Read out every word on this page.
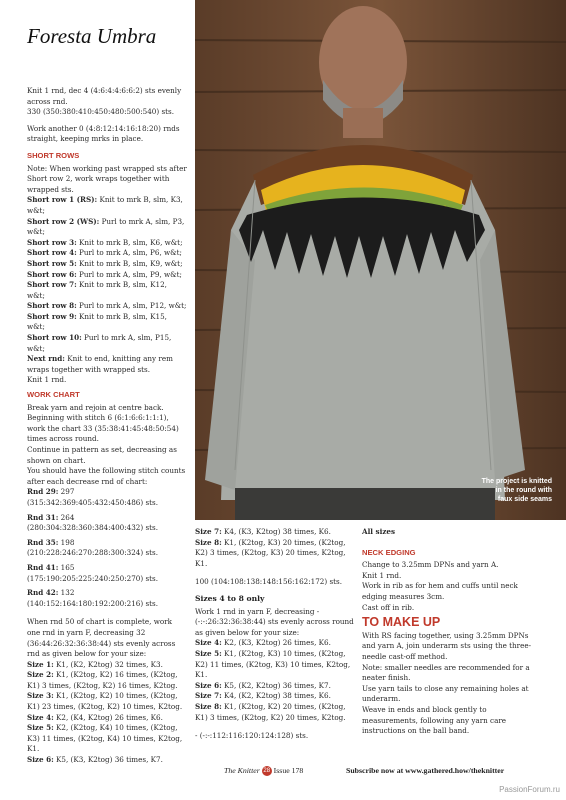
Foresta Umbra

Knit 1 rnd, dec 4 (4:6:4:4:6:6:2) sts evenly across rnd.
330 (350:380:410:450:480:500:540) sts.

Work another 0 (4:8:12:14:16:18:20) rnds straight, keeping mrks in place.

SHORT ROWS
Note: When working past wrapped sts after Short row 2, work wraps together with wrapped sts.
Short row 1 (RS): Knit to mrk B, slm, K3, w&t;
Short row 2 (WS): Purl to mrk A, slm, P3, w&t;
Short row 3: Knit to mrk B, slm, K6, w&t;
Short row 4: Purl to mrk A, slm, P6, w&t;
Short row 5: Knit to mrk B, slm, K9, w&t;
Short row 6: Purl to mrk A, slm, P9, w&t;
Short row 7: Knit to mrk B, slm, K12, w&t;
Short row 8: Purl to mrk A, slm, P12, w&t;
Short row 9: Knit to mrk B, slm, K15, w&t;
Short row 10: Purl to mrk A, slm, P15, w&t;
Next rnd: Knit to end, knitting any rem wraps together with wrapped sts.
Knit 1 rnd.
WORK CHART
Break yarn and rejoin at centre back. Beginning with stitch 6 (6:1:6:6:1:1:1), work the chart 33 (35:38:41:45:48:50:54) times across round.
Continue in pattern as set, decreasing as shown on chart.
You should have the following stitch counts after each decrease rnd of chart:
Rnd 29: 297 (315:342:369:405:432:450:486) sts.
Rnd 31: 264 (280:304:328:360:384:400:432) sts.
Rnd 35: 198 (210:228:246:270:288:300:324) sts.
Rnd 41: 165 (175:190:205:225:240:250:270) sts.
Rnd 42: 132 (140:152:164:180:192:200:216) sts.

When rnd 50 of chart is complete, work one rnd in yarn F, decreasing 32 (36:44:26:32:36:38:44) sts evenly across rnd as given below for your size:

Size 1: K1, (K2, K2tog) 32 times, K3.
Size 2: K1, (K2tog, K2) 16 times, (K2tog, K1) 3 times, (K2tog, K2) 16 times, K2tog.
Size 3: K1, (K2tog, K2) 10 times, (K2tog, K1) 23 times, (K2tog, K2) 10 times, K2tog.
Size 4: K2, (K4, K2tog) 26 times, K6.
Size 5: K2, (K2tog, K4) 10 times, (K2tog, K3) 11 times, (K2tog, K4) 10 times, K2tog, K1.
Size 6: K5, (K3, K2tog) 36 times, K7.
The project is knitted in the round with faux side seams
Size 7: K4, (K3, K2tog) 38 times, K6.
Size 8: K1, (K2tog, K3) 20 times, (K2tog, K2) 3 times, (K2tog, K3) 20 times, K2tog, K1.

100 (104:108:138:148:156:162:172) sts.

Sizes 4 to 8 only
Work 1 rnd in yarn F, decreasing - (-:-:26:32:36:38:44) sts evenly across round as given below for your size:
Size 4: K2, (K3, K2tog) 26 times, K6.
Size 5: K1, (K2tog, K3) 10 times, (K2tog, K2) 11 times, (K2tog, K3) 10 times, K2tog, K1.
Size 6: K5, (K2, K2tog) 36 times, K7.
Size 7: K4, (K2, K2tog) 38 times, K6.
Size 8: K1, (K2tog, K2) 20 times, (K2tog, K1) 3 times, (K2tog, K2) 20 times, K2tog.

- (-:-:112:116:120:124:128) sts.

All sizes
NECK EDGING
Change to 3.25mm DPNs and yarn A.
Knit 1 rnd.
Work in rib as for hem and cuffs until neck edging measures 3cm.
Cast off in rib.
TO MAKE UP
With RS facing together, using 3.25mm DPNs and yarn A, join underarm sts using the three-needle cast-off method.
Note: smaller needles are recommended for a neater finish.
Use yarn tails to close any remaining holes at underarm.
Weave in ends and block gently to measurements, following any yarn care instructions on the ball band.
The Knitter 28 Issue 178	Subscribe now at www.gathered.how/theknitter
PassionForum.ru
